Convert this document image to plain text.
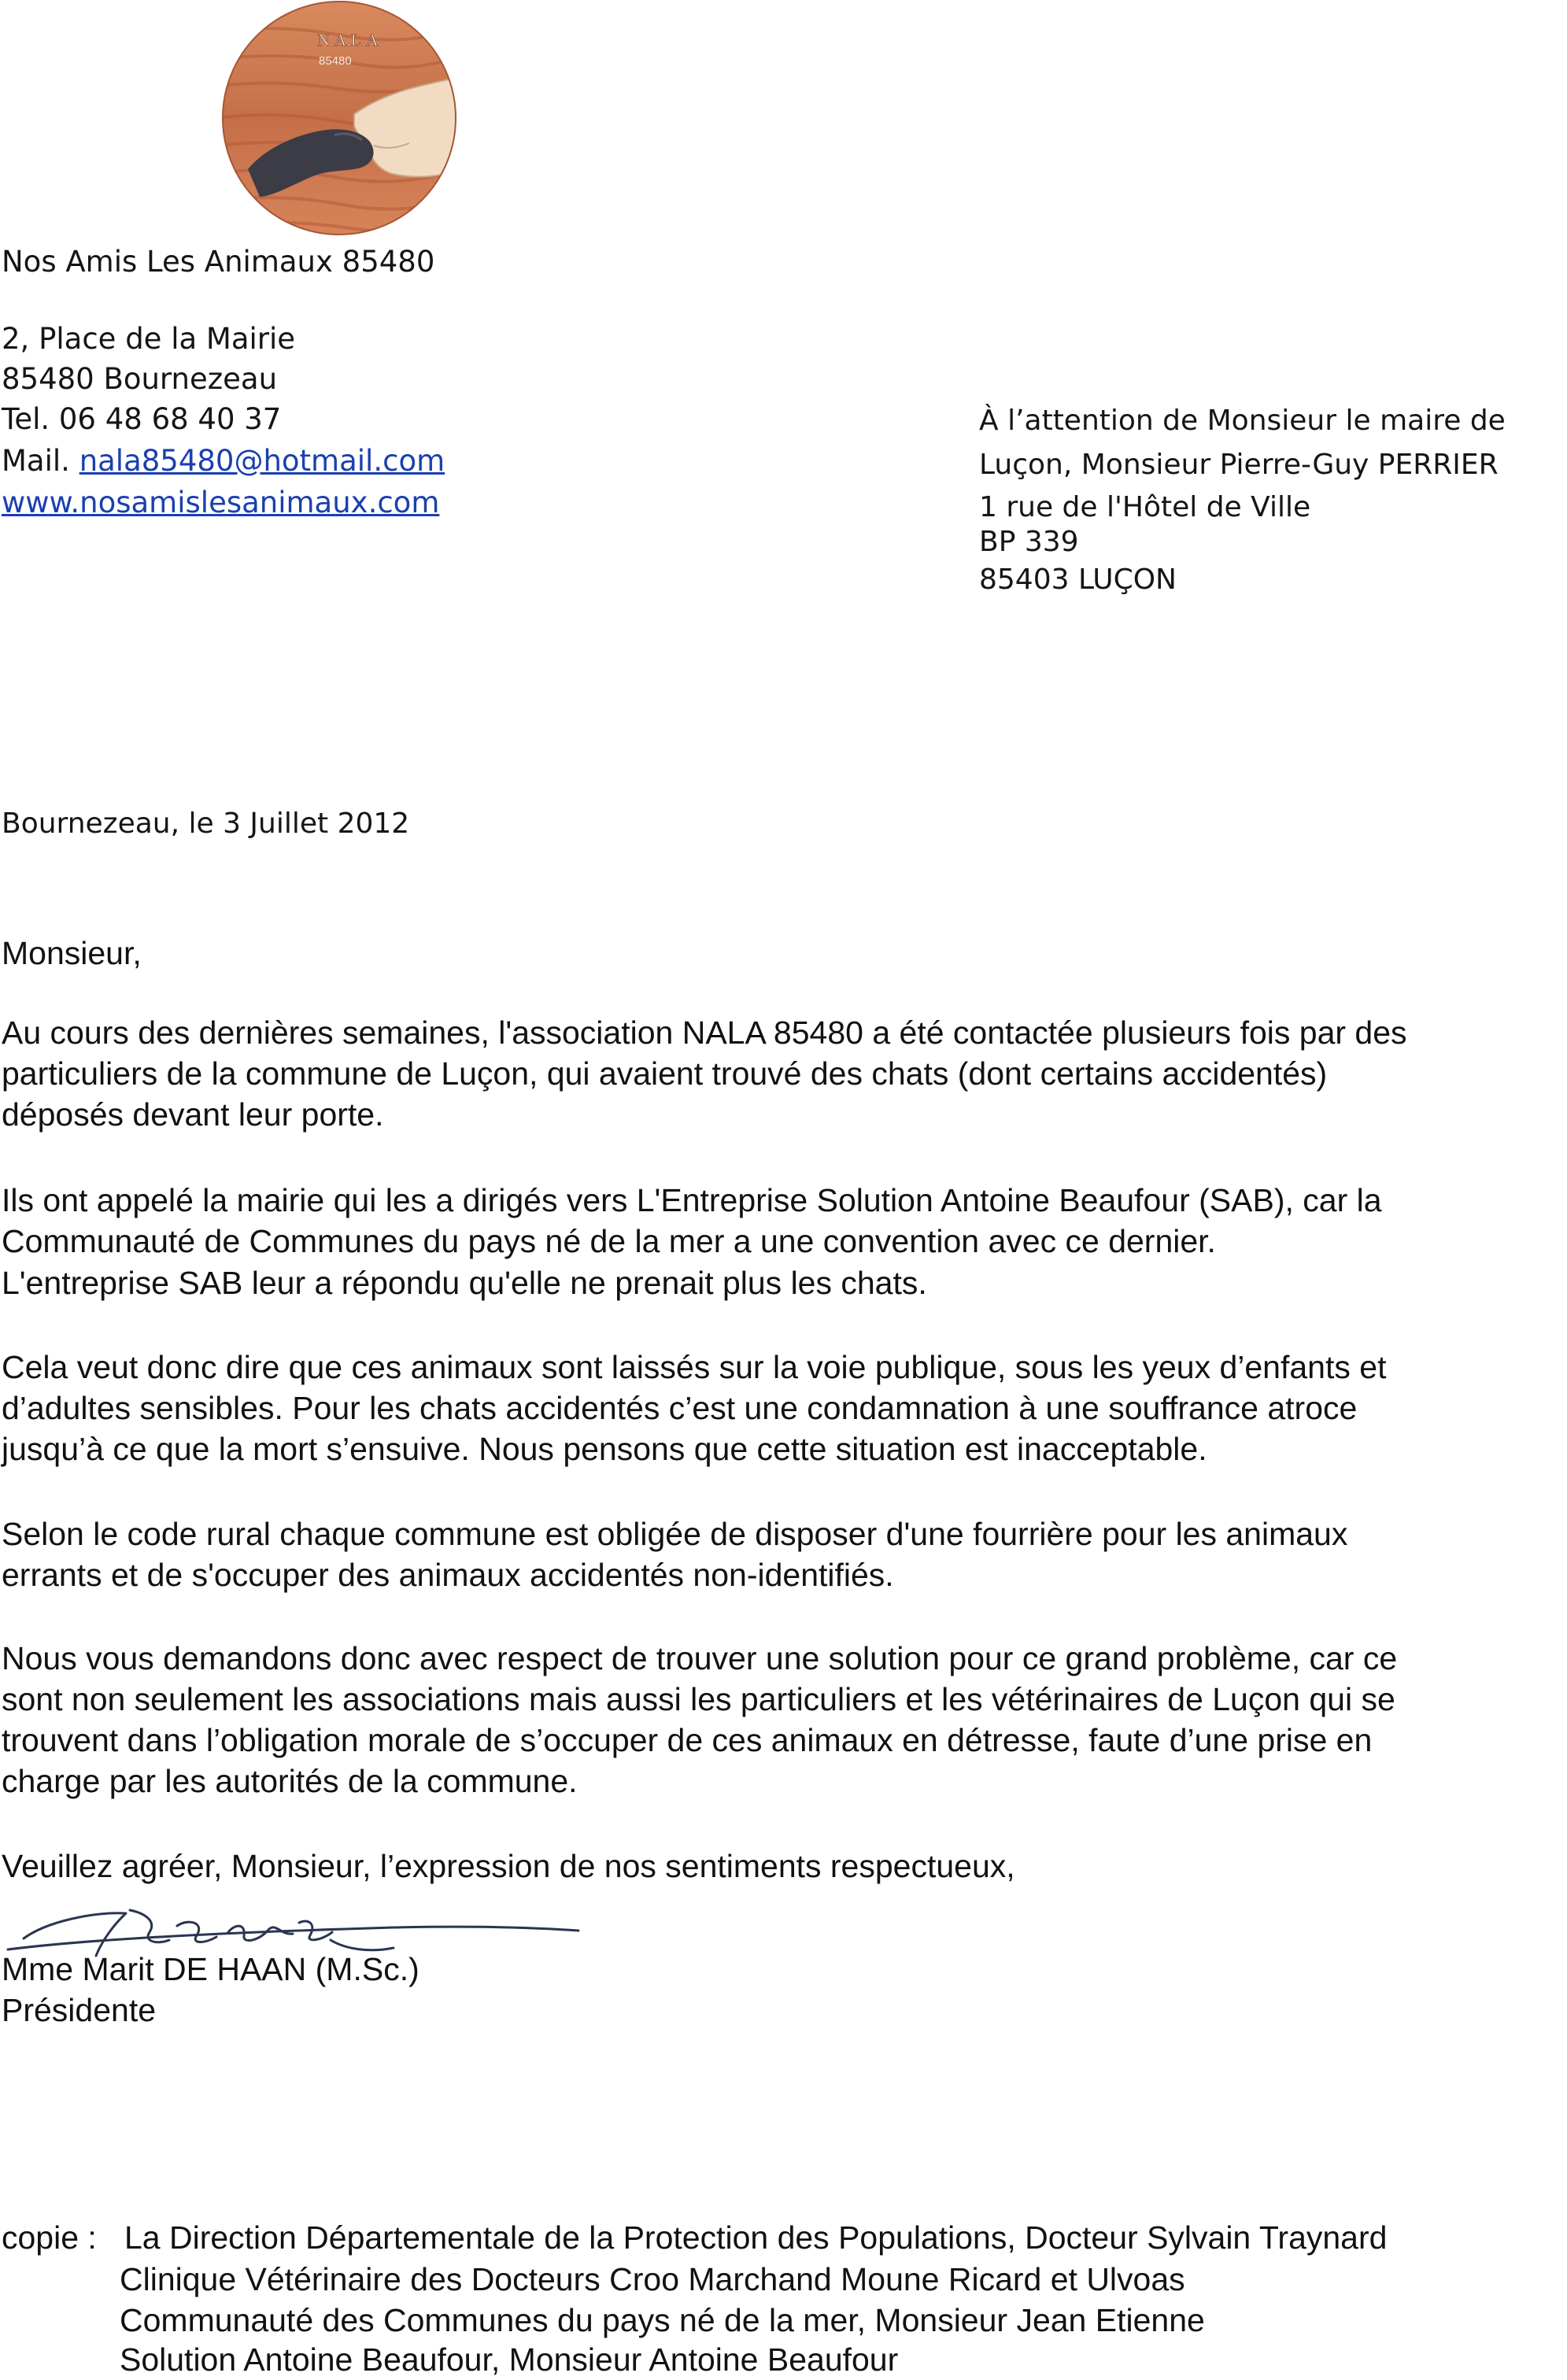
N.A.L.A.
85480
Nos Amis Les Animaux 85480
2, Place de la Mairie
85480 Bournezeau
Tel. 06 48 68 40 37
Mail. nala85480@hotmail.com
www.nosamislesanimaux.com
À l’attention de Monsieur le maire de
Luçon, Monsieur Pierre-Guy PERRIER
1 rue de l'Hôtel de Ville
BP 339
85403 LUÇON
Bournezeau, le 3 Juillet 2012
Monsieur,
Au cours des dernières semaines, l'association NALA 85480 a été contactée plusieurs fois par des
particuliers de la commune de Luçon, qui avaient trouvé des chats (dont certains accidentés)
déposés devant leur porte.
Ils ont appelé la mairie qui les a dirigés vers L'Entreprise Solution Antoine Beaufour (SAB), car la
Communauté de Communes du pays né de la mer a une convention avec ce dernier.
L'entreprise SAB leur a répondu qu'elle ne prenait plus les chats.
Cela veut donc dire que ces animaux sont laissés sur la voie publique, sous les yeux d’enfants et
d’adultes sensibles. Pour les chats accidentés c’est une condamnation à une souffrance atroce
jusqu’à ce que la mort s’ensuive. Nous pensons que cette situation est inacceptable.
Selon le code rural chaque commune est obligée de disposer d'une fourrière pour les animaux
errants et de s'occuper des animaux accidentés non-identifiés.
Nous vous demandons donc avec respect de trouver une solution pour ce grand problème, car ce
sont non seulement les associations mais aussi les particuliers et les vétérinaires de Luçon qui se
trouvent dans l’obligation morale de s’occuper de ces animaux en détresse, faute d’une prise en
charge par les autorités de la commune.
Veuillez agréer, Monsieur, l’expression de nos sentiments respectueux,
Mme Marit DE HAAN (M.Sc.)
Présidente
copie : La Direction Départementale de la Protection des Populations, Docteur Sylvain Traynard
Clinique Vétérinaire des Docteurs Croo Marchand Moune Ricard et Ulvoas
Communauté des Communes du pays né de la mer, Monsieur Jean Etienne
Solution Antoine Beaufour, Monsieur Antoine Beaufour
